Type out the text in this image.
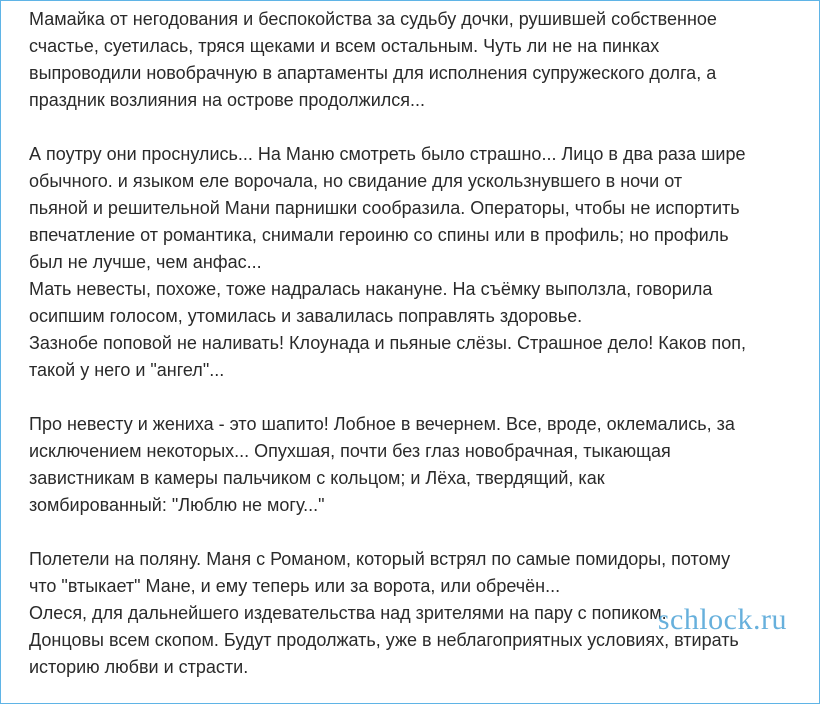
Мамайка от негодования и беспокойства за судьбу дочки, рушившей собственное
счастье, суетилась, тряся щеками и всем остальным. Чуть ли не на пинках
выпроводили новобрачную в апартаменты для исполнения супружеского долга, а
праздник возлияния на острове продолжился...

А поутру они проснулись... На Маню смотреть было страшно... Лицо в два раза шире
обычного. и языком еле ворочала, но свидание для ускользнувшего в ночи от
пьяной и решительной Мани парнишки сообразила. Операторы, чтобы не испортить
впечатление от романтика, снимали героиню со спины или в профиль; но профиль
был не лучше, чем анфас...
Мать невесты, похоже, тоже надралась накануне. На съёмку выползла, говорила
осипшим голосом, утомилась и завалилась поправлять здоровье.
Зазнобе поповой не наливать! Клоунада и пьяные слёзы. Страшное дело! Каков поп,
такой у него и "ангел"...

Про невесту и жениха - это шапито! Лобное в вечернем. Все, вроде, оклемались, за
исключением некоторых... Опухшая, почти без глаз новобрачная, тыкающая
завистникам в камеры пальчиком с кольцом; и Лёха, твердящий, как
зомбированный: "Люблю не могу..."

Полетели на поляну. Маня с Романом, который встрял по самые помидоры, потому
что "втыкает" Мане, и ему теперь или за ворота, или обречён...
Олеся, для дальнейшего издевательства над зрителями на пару с попиком.
Донцовы всем скопом. Будут продолжать, уже в неблагоприятных условиях, втирать
историю любви и страсти.

schlock.ru
